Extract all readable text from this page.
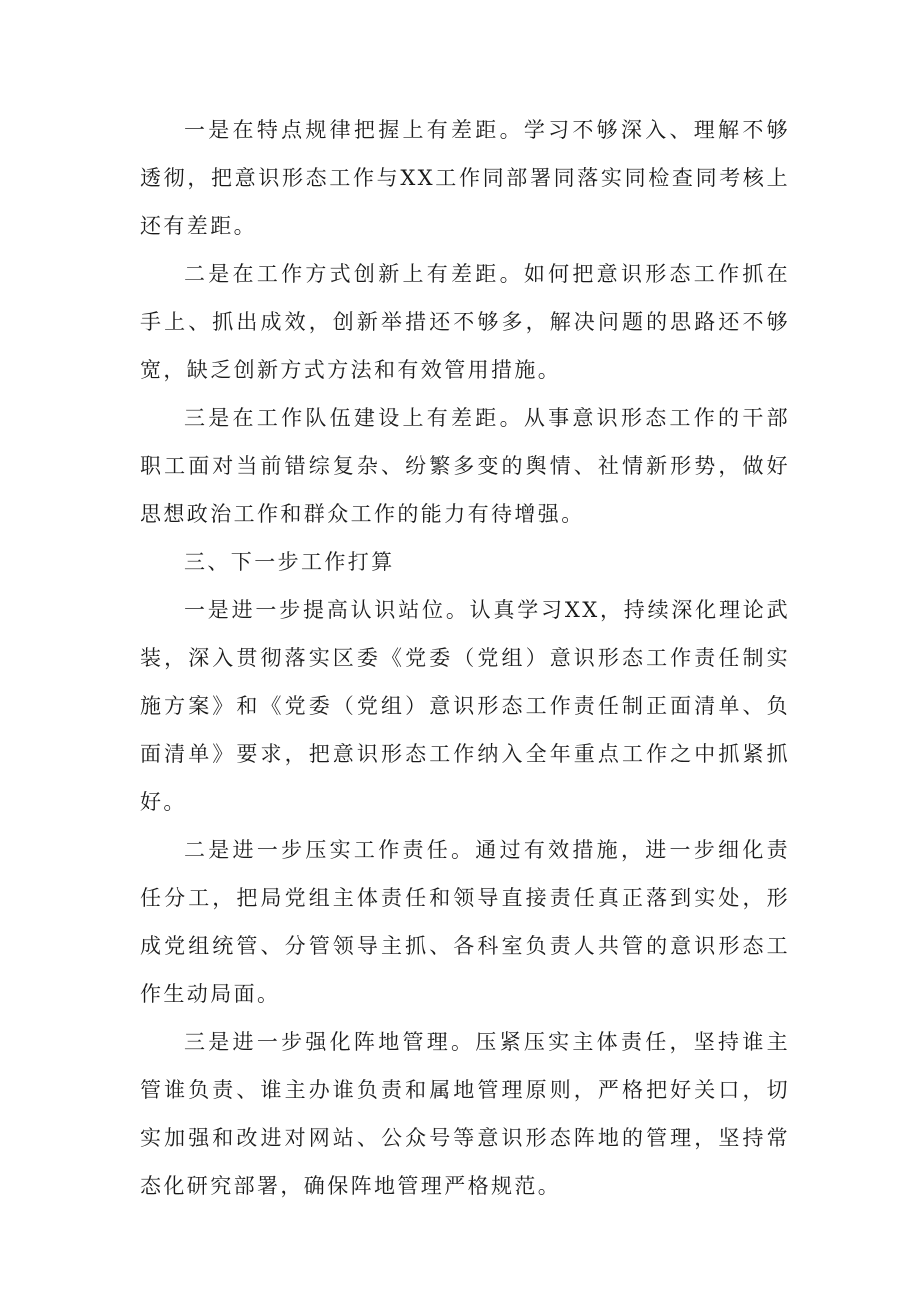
一是在特点规律把握上有差距。学习不够深入、理解不够透彻，把意识形态工作与XX工作同部署同落实同检查同考核上还有差距。

二是在工作方式创新上有差距。如何把意识形态工作抓在手上、抓出成效，创新举措还不够多，解决问题的思路还不够宽，缺乏创新方式方法和有效管用措施。

三是在工作队伍建设上有差距。从事意识形态工作的干部职工面对当前错综复杂、纷繁多变的舆情、社情新形势，做好思想政治工作和群众工作的能力有待增强。

三、下一步工作打算

一是进一步提高认识站位。认真学习XX，持续深化理论武装，深入贯彻落实区委《党委（党组）意识形态工作责任制实施方案》和《党委（党组）意识形态工作责任制正面清单、负面清单》要求，把意识形态工作纳入全年重点工作之中抓紧抓好。

二是进一步压实工作责任。通过有效措施，进一步细化责任分工，把局党组主体责任和领导直接责任真正落到实处，形成党组统管、分管领导主抓、各科室负责人共管的意识形态工作生动局面。

三是进一步强化阵地管理。压紧压实主体责任，坚持谁主管谁负责、谁主办谁负责和属地管理原则，严格把好关口，切实加强和改进对网站、公众号等意识形态阵地的管理，坚持常态化研究部署，确保阵地管理严格规范。
